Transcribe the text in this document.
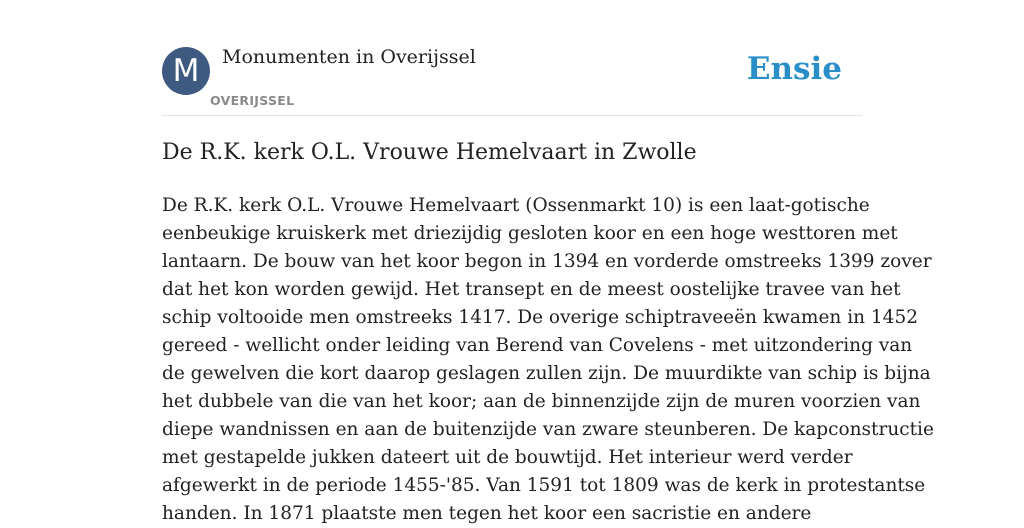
M	Monumenten in Overijssel
OVERIJSSEL
Ensie
De R.K. kerk O.L. Vrouwe Hemelvaart in Zwolle
De R.K. kerk O.L. Vrouwe Hemelvaart (Ossenmarkt 10) is een laat-gotische
eenbeukige kruiskerk met driezijdig gesloten koor en een hoge westtoren met
lantaarn. De bouw van het koor begon in 1394 en vorderde omstreeks 1399 zover
dat het kon worden gewijd. Het transept en de meest oostelijke travee van het
schip voltooide men omstreeks 1417. De overige schiptraveeën kwamen in 1452
gereed - wellicht onder leiding van Berend van Covelens - met uitzondering van
de gewelven die kort daarop geslagen zullen zijn. De muurdikte van schip is bijna
het dubbele van die van het koor; aan de binnenzijde zijn de muren voorzien van
diepe wandnissen en aan de buitenzijde van zware steunberen. De kapconstructie
met gestapelde jukken dateert uit de bouwtijd. Het interieur werd verder
afgewerkt in de periode 1455-'85. Van 1591 tot 1809 was de kerk in protestantse
handen. In 1871 plaatste men tegen het koor een sacristie en andere
